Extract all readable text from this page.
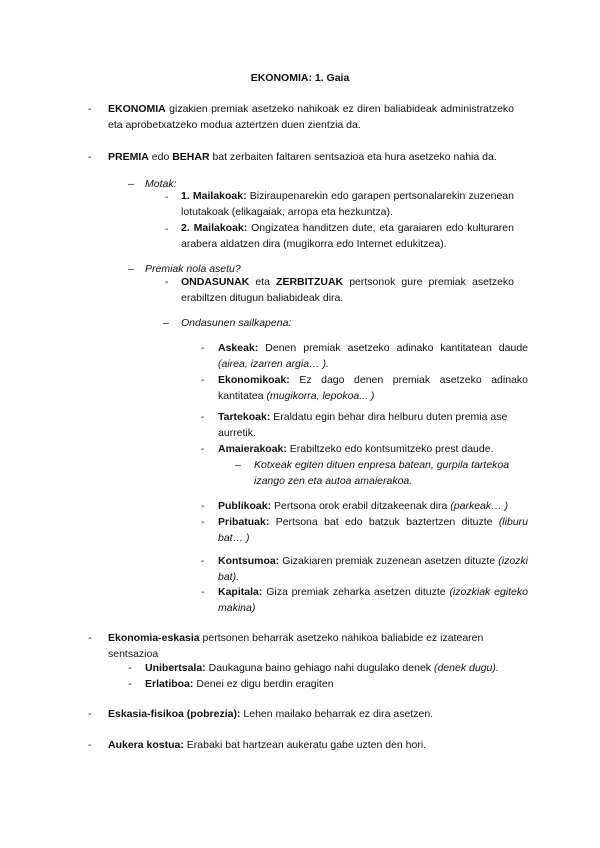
EKONOMIA: 1. Gaia
- EKONOMIA gizakien premiak asetzeko nahikoak ez diren baliabideak administratzeko eta aprobetxatzeko modua aztertzen duen zientzia da.
- PREMIA edo BEHAR bat zerbaiten faltaren sentsazioa eta hura asetzeko nahia da.
– Motak:
- 1. Mailakoak: Biziraupenarekin edo garapen pertsonalarekin zuzenean lotutakoak (elikagaiak, arropa eta hezkuntza).
- 2. Mailakoak: Ongizatea handitzen dute, eta garaiaren edo kulturaren arabera aldatzen dira (mugikorra edo Internet edukitzea).
– Premiak nola asetu?
- ONDASUNAK eta ZERBITZUAK pertsonok gure premiak asetzeko erabiltzen ditugun baliabideak dira.
– Ondasunen sailkapena:
- Askeak: Denen premiak asetzeko adinako kantitatean daude (airea, izarren argia… ).
- Ekonomikoak: Ez dago denen premiak asetzeko adinako kantitatea (mugikorra, lepokoa... )
- Tartekoak: Eraldatu egin behar dira helburu duten premia ase aurretik.
- Amaierakoak: Erabiltzeko edo kontsumitzeko prest daude.
– Kotxeak egiten dituen enpresa batean, gurpila tartekoa izango zen eta autoa amaierakoa.
- Publikoak: Pertsona orok erabil ditzakeenak dira (parkeak… )
- Pribatuak: Pertsona bat edo batzuk baztertzen dituzte (liburu bat… )
- Kontsumoa: Gizakiaren premiak zuzenean asetzen dituzte (izozki bat).
- Kapitala: Giza premiak zeharka asetzen dituzte (izozkiak egiteko makina)
- Ekonomia-eskasia pertsonen beharrak asetzeko nahikoa baliabide ez izatearen sentsazioa
- Unibertsala: Daukaguna baino gehiago nahi dugulako denek (denek dugu).
- Erlatiboa: Denei ez digu berdin eragiten
- Eskasia-fisikoa (pobrezia): Lehen mailako beharrak ez dira asetzen.
- Aukera kostua: Erabaki bat hartzean aukeratu gabe uzten den hori.
